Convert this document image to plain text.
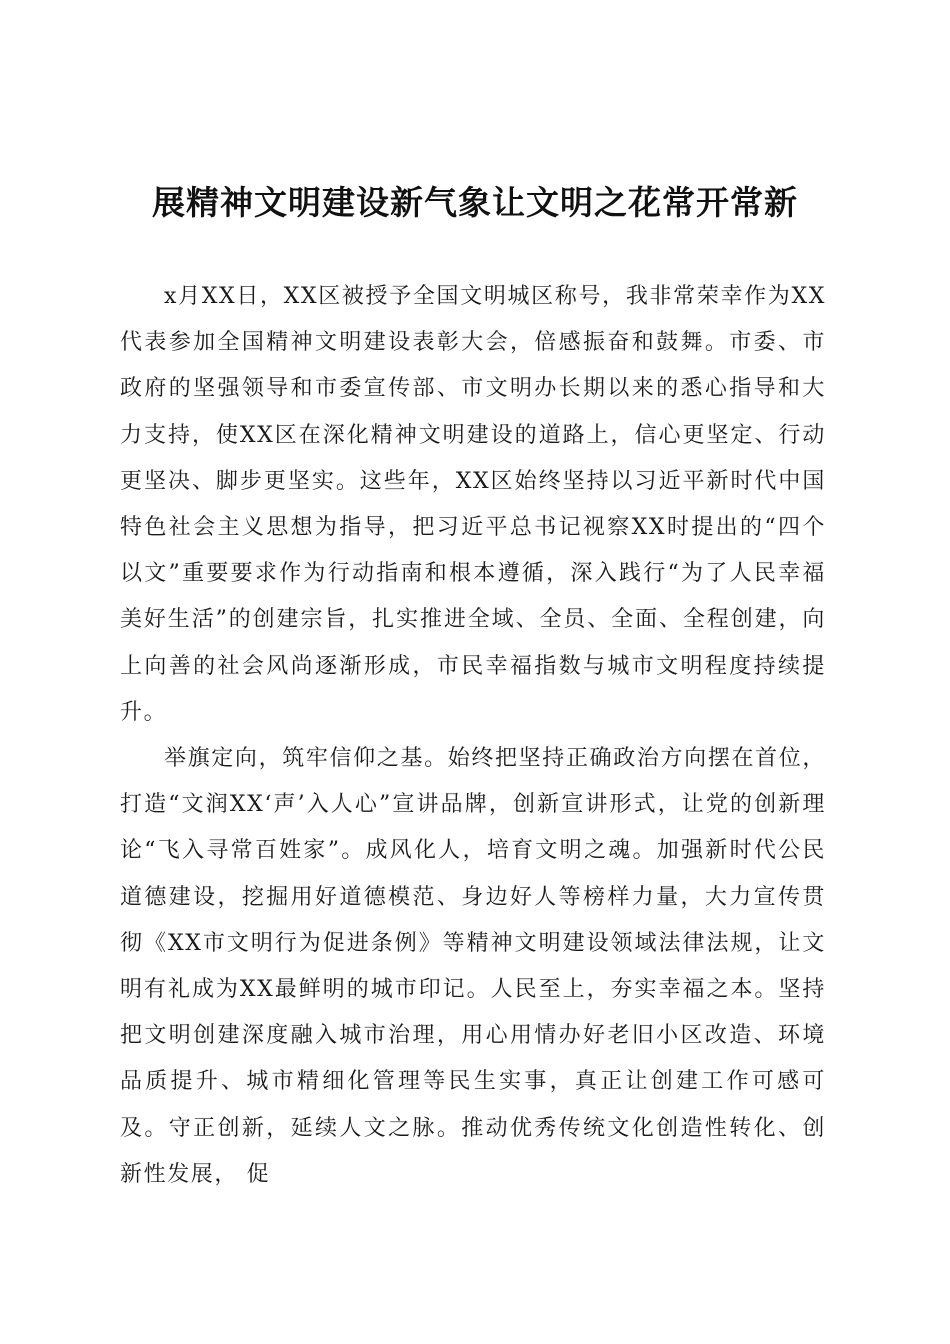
展精神文明建设新气象让文明之花常开常新

x月XX日，XX区被授予全国文明城区称号，我非常荣幸作为XX代表参加全国精神文明建设表彰大会，倍感振奋和鼓舞。市委、市政府的坚强领导和市委宣传部、市文明办长期以来的悉心指导和大力支持，使XX区在深化精神文明建设的道路上，信心更坚定、行动更坚决、脚步更坚实。这些年，XX区始终坚持以习近平新时代中国特色社会主义思想为指导，把习近平总书记视察XX时提出的“四个以文”重要要求作为行动指南和根本遵循，深入践行“为了人民幸福美好生活”的创建宗旨，扎实推进全域、全员、全面、全程创建，向上向善的社会风尚逐渐形成，市民幸福指数与城市文明程度持续提升。

举旗定向，筑牢信仰之基。始终把坚持正确政治方向摆在首位，打造“文润XX‘声’入人心”宣讲品牌，创新宣讲形式，让党的创新理论“飞入寻常百姓家”。成风化人，培育文明之魂。加强新时代公民道德建设，挖掘用好道德模范、身边好人等榜样力量，大力宣传贯彻《XX市文明行为促进条例》等精神文明建设领域法律法规，让文明有礼成为XX最鲜明的城市印记。人民至上，夯实幸福之本。坚持把文明创建深度融入城市治理，用心用情办好老旧小区改造、环境品质提升、城市精细化管理等民生实事，真正让创建工作可感可及。守正创新，延续人文之脉。推动优秀传统文化创造性转化、创新性发展， 促
